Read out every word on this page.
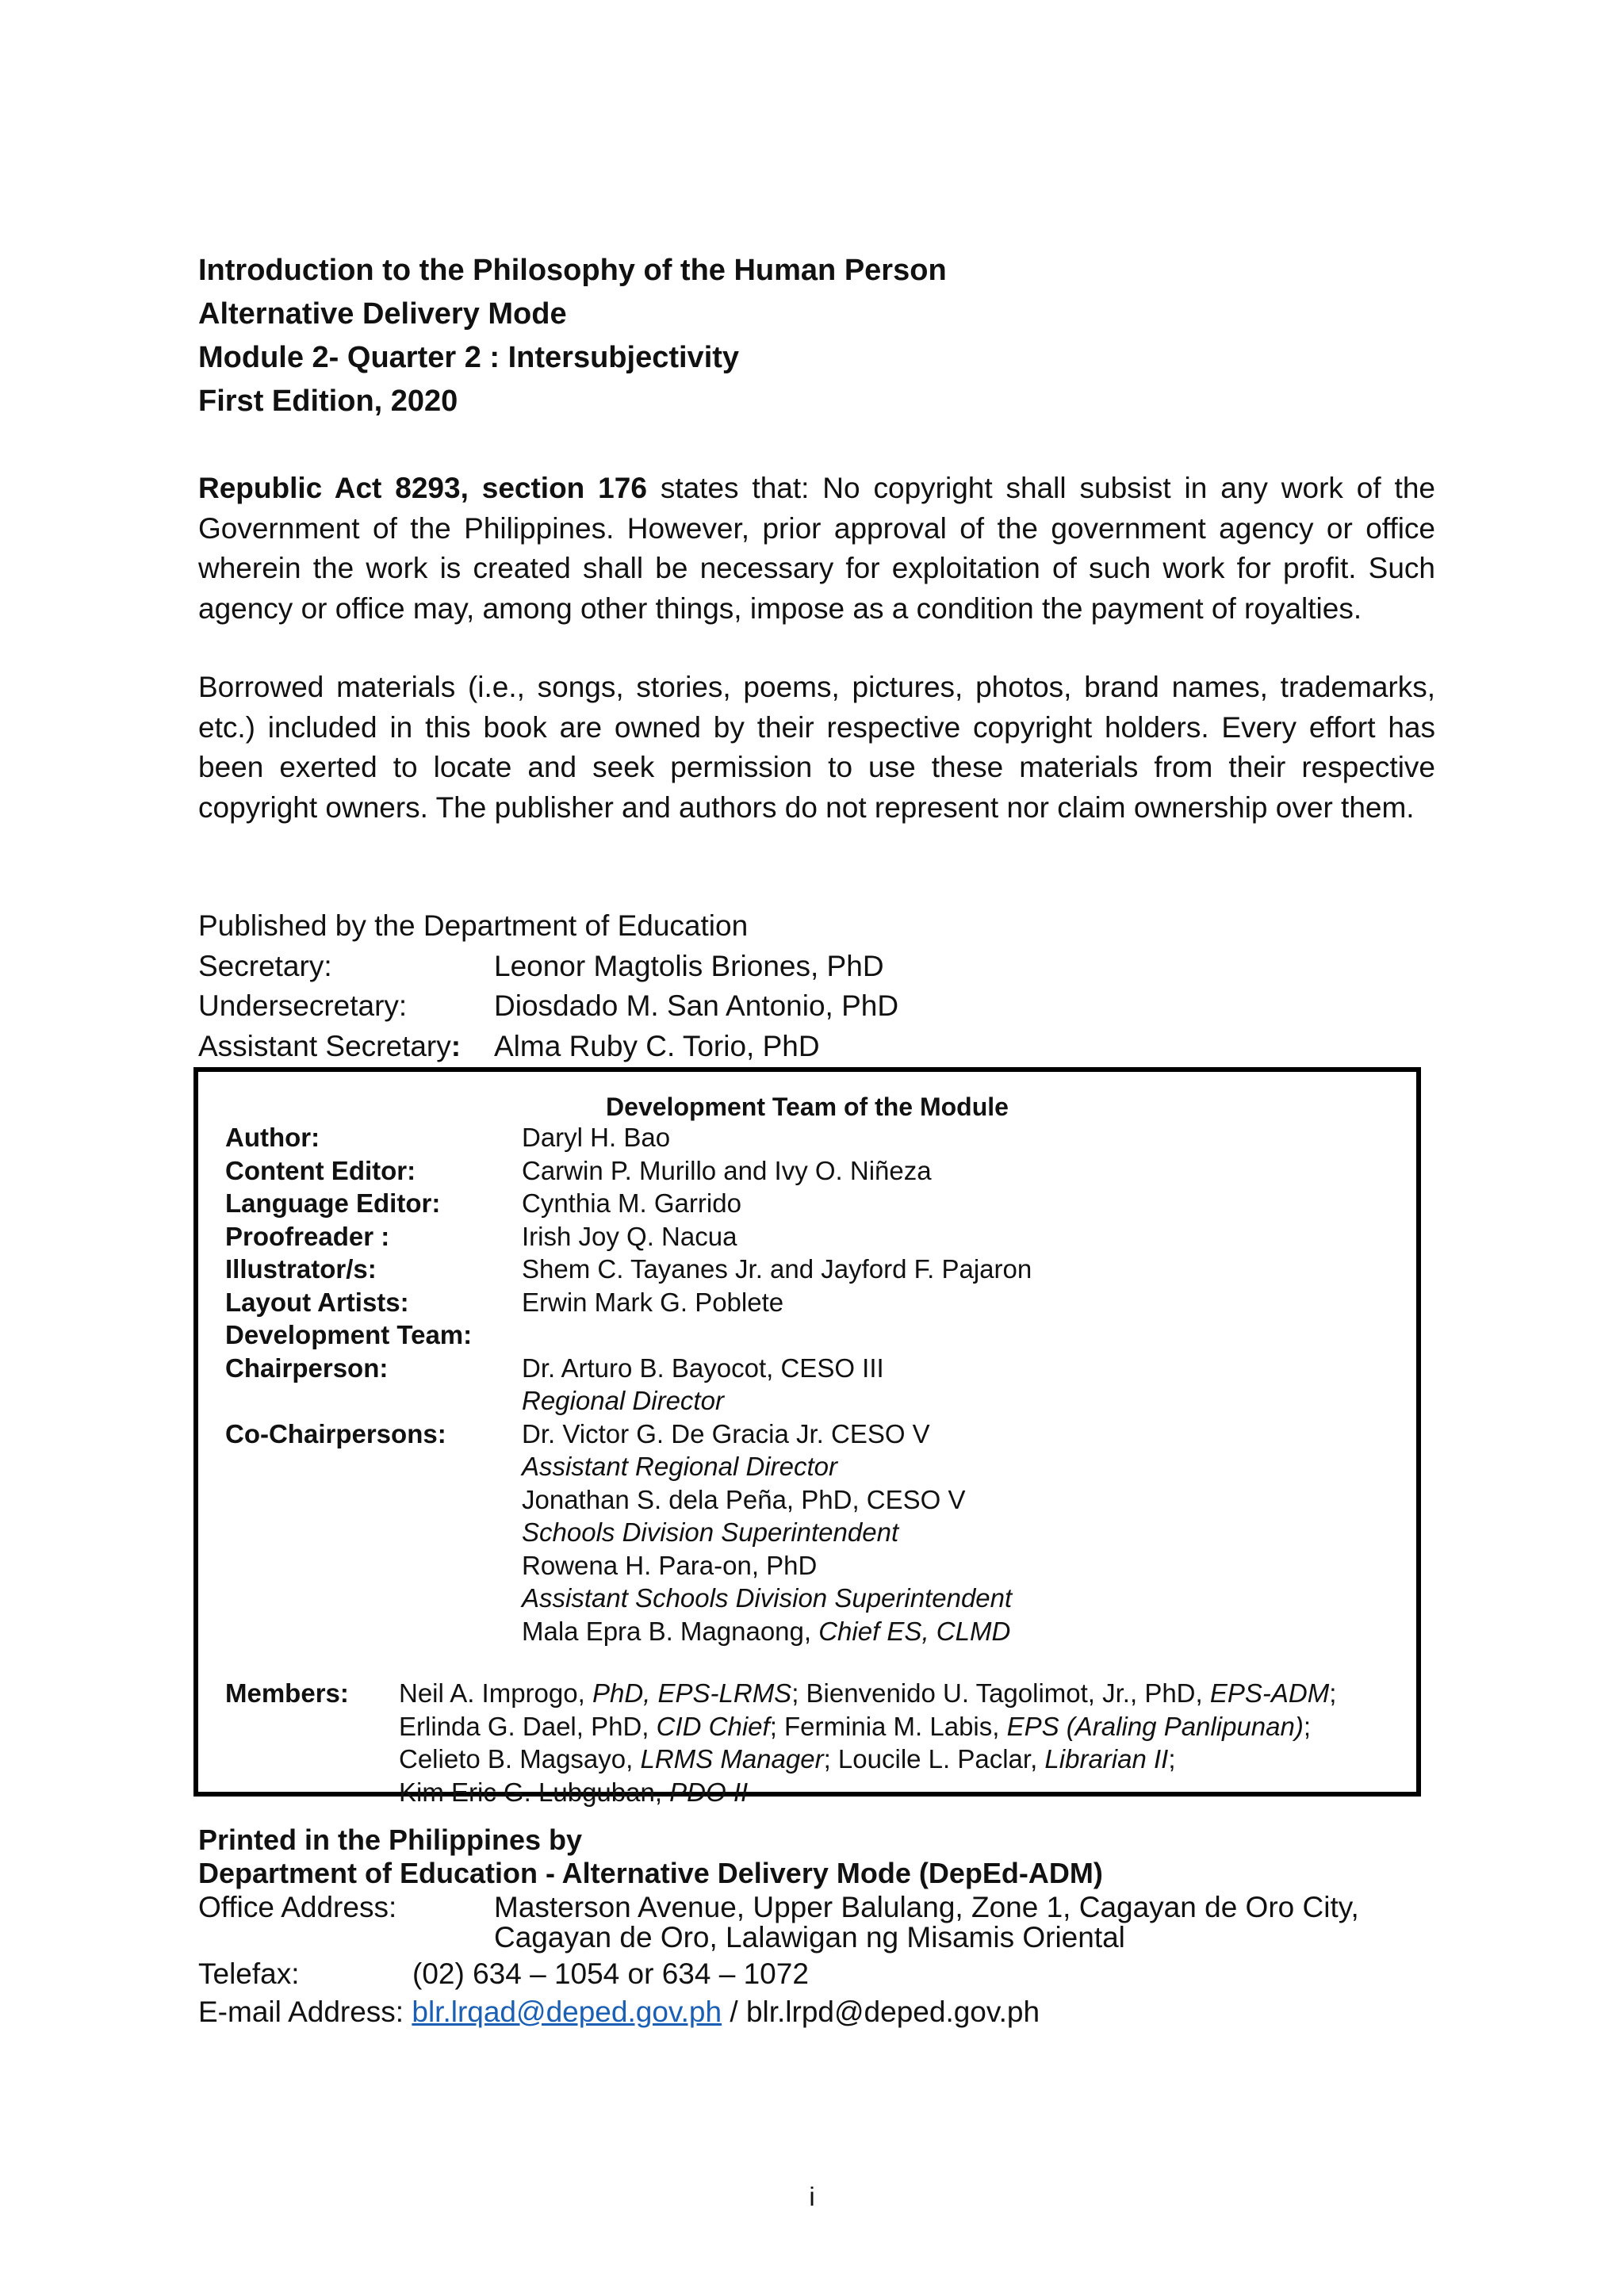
Introduction to the Philosophy of the Human Person
Alternative Delivery Mode
Module 2- Quarter 2 : Intersubjectivity
First Edition, 2020
Republic Act 8293, section 176 states that: No copyright shall subsist in any work of the Government of the Philippines. However, prior approval of the government agency or office wherein the work is created shall be necessary for exploitation of such work for profit. Such agency or office may, among other things, impose as a condition the payment of royalties.
Borrowed materials (i.e., songs, stories, poems, pictures, photos, brand names, trademarks, etc.) included in this book are owned by their respective copyright holders. Every effort has been exerted to locate and seek permission to use these materials from their respective copyright owners. The publisher and authors do not represent nor claim ownership over them.
Published by the Department of Education
Secretary:	Leonor Magtolis Briones, PhD
Undersecretary:	Diosdado M. San Antonio, PhD
Assistant Secretary: Alma Ruby C. Torio, PhD
Development Team of the Module
Author:	Daryl H. Bao
Content Editor:	Carwin P. Murillo and Ivy O. Niñeza
Language Editor:	Cynthia M. Garrido
Proofreader :	Irish Joy Q. Nacua
Illustrator/s:	Shem C. Tayanes Jr. and Jayford F. Pajaron
Layout Artists:	Erwin Mark G. Poblete
Development Team:
Chairperson:	Dr. Arturo B. Bayocot, CESO III
Regional Director
Co-Chairpersons:	Dr. Victor G. De Gracia Jr. CESO V
Assistant Regional Director
Jonathan S. dela Peña, PhD, CESO V
Schools Division Superintendent
Rowena H. Para-on, PhD
Assistant Schools Division Superintendent
Mala Epra B. Magnaong, Chief ES, CLMD
Members: Neil A. Improgo, PhD, EPS-LRMS; Bienvenido U. Tagolimot, Jr., PhD, EPS-ADM;
Erlinda G. Dael, PhD, CID Chief; Ferminia M. Labis, EPS (Araling Panlipunan);
Celieto B. Magsayo, LRMS Manager; Loucile L. Paclar, Librarian II;
Kim Eric G. Lubguban, PDO II
Printed in the Philippines by
Department of Education - Alternative Delivery Mode (DepEd-ADM)
Office Address:	Masterson Avenue, Upper Balulang, Zone 1, Cagayan de Oro City,
Cagayan de Oro, Lalawigan ng Misamis Oriental
Telefax:	(02) 634 – 1054 or 634 – 1072
E-mail Address: blr.lrqad@deped.gov.ph / blr.lrpd@deped.gov.ph
i
